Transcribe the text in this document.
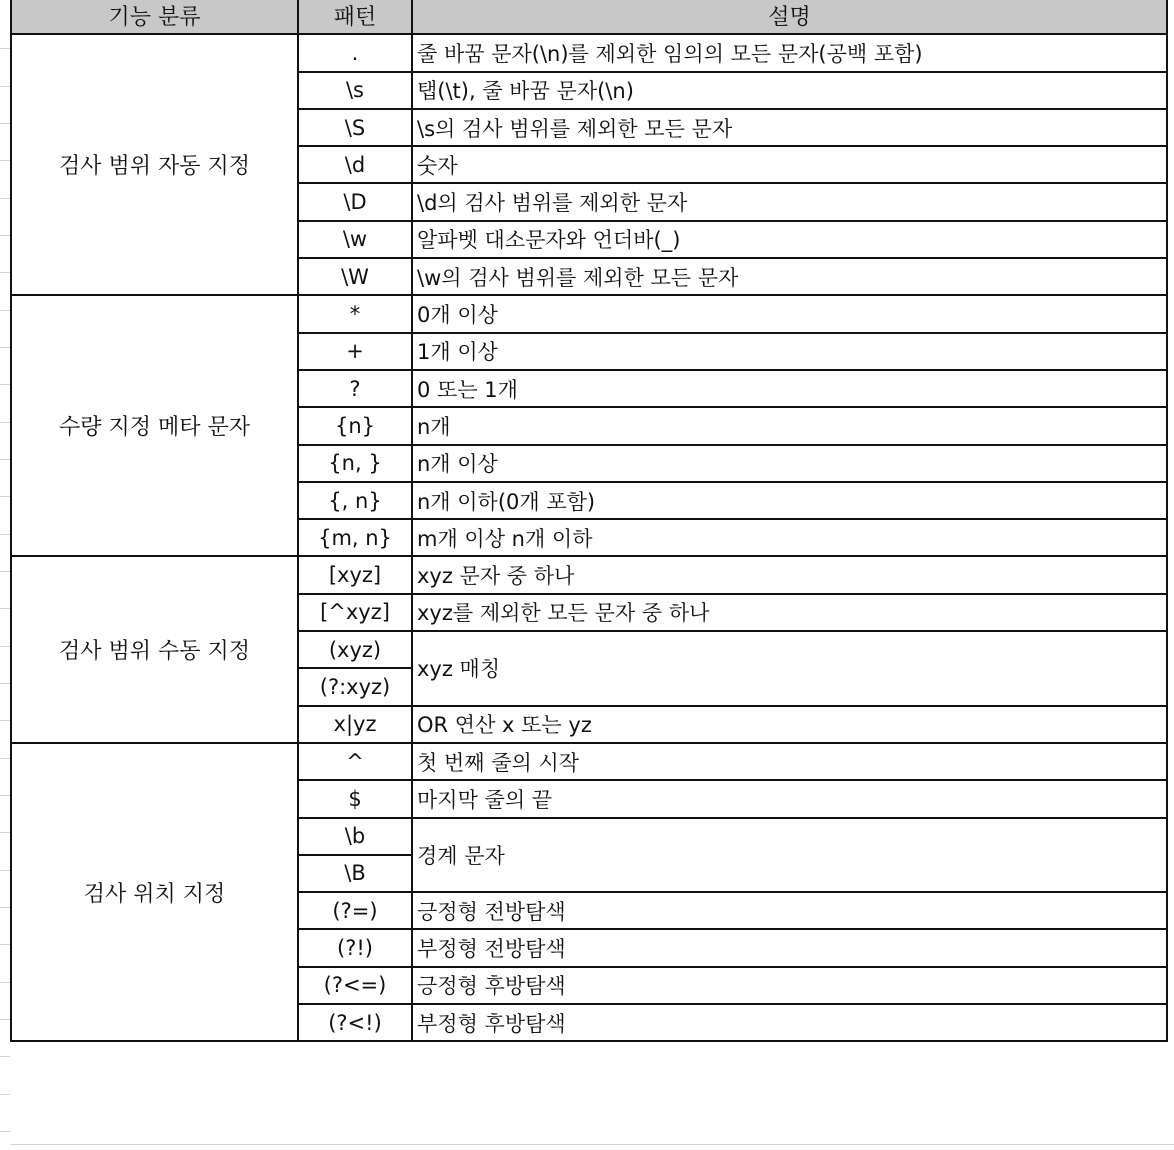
기능 분류	패턴	설명
검사 범위 자동 지정	.	줄 바꿈 문자(\n)를 제외한 임의의 모든 문자(공백 포함)
	\s	탭(\t), 줄 바꿈 문자(\n)
	\S	\s의 검사 범위를 제외한 모든 문자
	\d	숫자
	\D	\d의 검사 범위를 제외한 문자
	\w	알파벳 대소문자와 언더바(_)
	\W	\w의 검사 범위를 제외한 모든 문자
수량 지정 메타 문자	*	0개 이상
	+	1개 이상
	?	0 또는 1개
	{n}	n개
	{n, }	n개 이상
	{, n}	n개 이하(0개 포함)
	{m, n}	m개 이상 n개 이하
검사 범위 수동 지정	[xyz]	xyz 문자 중 하나
	[^xyz]	xyz를 제외한 모든 문자 중 하나
	(xyz)	xyz 매칭
	(?:xyz)	
	x|yz	OR 연산 x 또는 yz
검사 위치 지정	^	첫 번째 줄의 시작
	$	마지막 줄의 끝
	\b	경계 문자
	\B	
	(?=)	긍정형 전방탐색
	(?!)	부정형 전방탐색
	(?<=)	긍정형 후방탐색
	(?<!)	부정형 후방탐색
